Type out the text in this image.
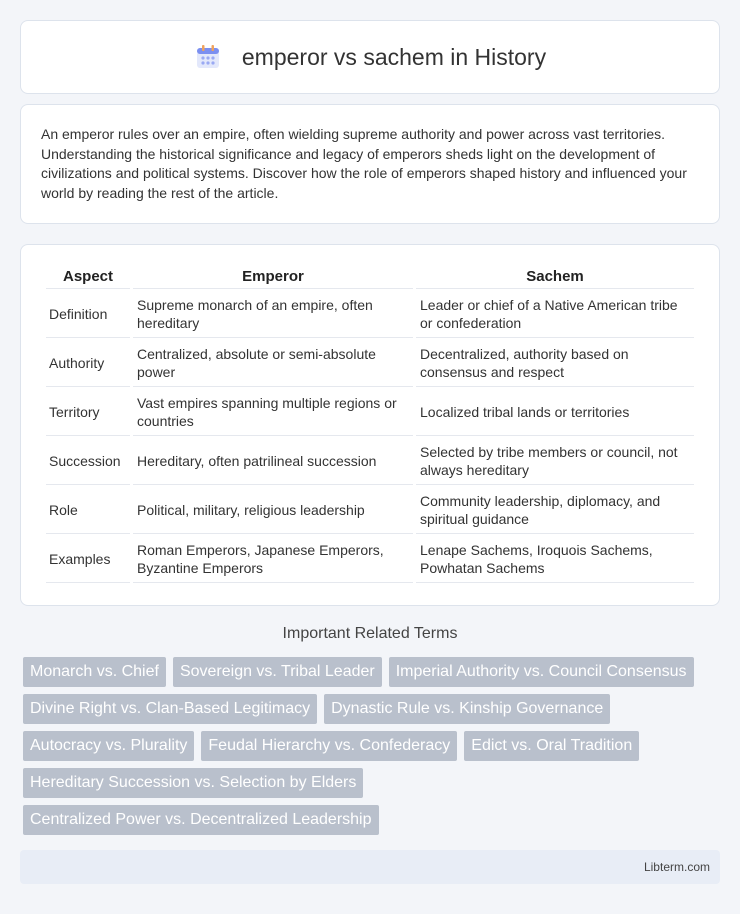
emperor vs sachem in History

An emperor rules over an empire, often wielding supreme authority and power across vast territories. Understanding the historical significance and legacy of emperors sheds light on the development of civilizations and political systems. Discover how the role of emperors shaped history and influenced your world by reading the rest of the article.

Aspect	Emperor	Sachem
Definition	Supreme monarch of an empire, often hereditary	Leader or chief of a Native American tribe or confederation
Authority	Centralized, absolute or semi-absolute power	Decentralized, authority based on consensus and respect
Territory	Vast empires spanning multiple regions or countries	Localized tribal lands or territories
Succession	Hereditary, often patrilineal succession	Selected by tribe members or council, not always hereditary
Role	Political, military, religious leadership	Community leadership, diplomacy, and spiritual guidance
Examples	Roman Emperors, Japanese Emperors, Byzantine Emperors	Lenape Sachems, Iroquois Sachems, Powhatan Sachems
Important Related Terms
Monarch vs. Chief	Sovereign vs. Tribal Leader	Imperial Authority vs. Council Consensus
Divine Right vs. Clan-Based Legitimacy	Dynastic Rule vs. Kinship Governance
Autocracy vs. Plurality	Feudal Hierarchy vs. Confederacy	Edict vs. Oral Tradition
Hereditary Succession vs. Selection by Elders
Centralized Power vs. Decentralized Leadership
Libterm.com
